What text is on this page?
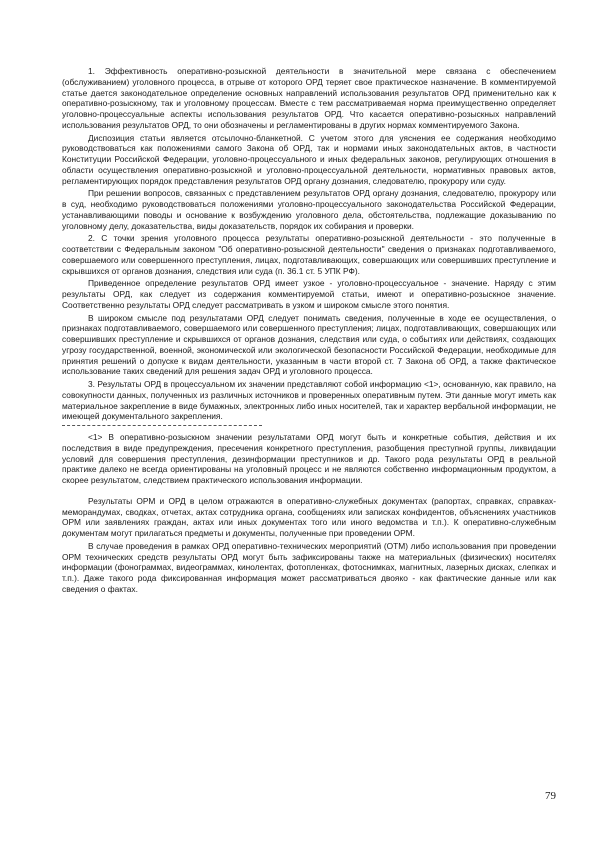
1. Эффективность оперативно-розыскной деятельности в значительной мере связана с обеспечением (обслуживанием) уголовного процесса, в отрыве от которого ОРД теряет свое практическое назначение. В комментируемой статье дается законодательное определение основных направлений использования результатов ОРД применительно как к оперативно-розыскному, так и уголовному процессам. Вместе с тем рассматриваемая норма преимущественно определяет уголовно-процессуальные аспекты использования результатов ОРД. Что касается оперативно-розыскных направлений использования результатов ОРД, то они обозначены и регламентированы в других нормах комментируемого Закона.

Диспозиция статьи является отсылочно-бланкетной. С учетом этого для уяснения ее содержания необходимо руководствоваться как положениями самого Закона об ОРД, так и нормами иных законодательных актов, в частности Конституции Российской Федерации, уголовно-процессуального и иных федеральных законов, регулирующих отношения в области осуществления оперативно-розыскной и уголовно-процессуальной деятельности, нормативных правовых актов, регламентирующих порядок представления результатов ОРД органу дознания, следователю, прокурору или суду.

При решении вопросов, связанных с представлением результатов ОРД органу дознания, следователю, прокурору или в суд, необходимо руководствоваться положениями уголовно-процессуального законодательства Российской Федерации, устанавливающими поводы и основание к возбуждению уголовного дела, обстоятельства, подлежащие доказыванию по уголовному делу, доказательства, виды доказательств, порядок их собирания и проверки.

2. С точки зрения уголовного процесса результаты оперативно-розыскной деятельности - это полученные в соответствии с Федеральным законом "Об оперативно-розыскной деятельности" сведения о признаках подготавливаемого, совершаемого или совершенного преступления, лицах, подготавливающих, совершающих или совершивших преступление и скрывшихся от органов дознания, следствия или суда (п. 36.1 ст. 5 УПК РФ).

Приведенное определение результатов ОРД имеет узкое - уголовно-процессуальное - значение. Наряду с этим результаты ОРД, как следует из содержания комментируемой статьи, имеют и оперативно-розыскное значение. Соответственно результаты ОРД следует рассматривать в узком и широком смысле этого понятия.

В широком смысле под результатами ОРД следует понимать сведения, полученные в ходе ее осуществления, о признаках подготавливаемого, совершаемого или совершенного преступления; лицах, подготавливающих, совершающих или совершивших преступление и скрывшихся от органов дознания, следствия или суда, о событиях или действиях, создающих угрозу государственной, военной, экономической или экологической безопасности Российской Федерации, необходимые для принятия решений о допуске к видам деятельности, указанным в части второй ст. 7 Закона об ОРД, а также фактическое использование таких сведений для решения задач ОРД и уголовного процесса.

3. Результаты ОРД в процессуальном их значении представляют собой информацию <1>, основанную, как правило, на совокупности данных, полученных из различных источников и проверенных оперативным путем. Эти данные могут иметь как материальное закрепление в виде бумажных, электронных либо иных носителей, так и характер вербальной информации, не имеющей документального закрепления.

<1> В оперативно-розыскном значении результатами ОРД могут быть и конкретные события, действия и их последствия в виде предупреждения, пресечения конкретного преступления, разобщения преступной группы, ликвидации условий для совершения преступления, дезинформации преступников и др. Такого рода результаты ОРД в реальной практике далеко не всегда ориентированы на уголовный процесс и не являются собственно информационным продуктом, а скорее результатом, следствием практического использования информации.

Результаты ОРМ и ОРД в целом отражаются в оперативно-служебных документах (рапортах, справках, справках-меморандумах, сводках, отчетах, актах сотрудника органа, сообщениях или записках конфидентов, объяснениях участников ОРМ или заявлениях граждан, актах или иных документах того или иного ведомства и т.п.). К оперативно-служебным документам могут прилагаться предметы и документы, полученные при проведении ОРМ.

В случае проведения в рамках ОРД оперативно-технических мероприятий (ОТМ) либо использования при проведении ОРМ технических средств результаты ОРД могут быть зафиксированы также на материальных (физических) носителях информации (фонограммах, видеограммах, кинолентах, фотопленках, фотоснимках, магнитных, лазерных дисках, слепках и т.п.). Даже такого рода фиксированная информация может рассматриваться двояко - как фактические данные или как сведения о фактах.

79
